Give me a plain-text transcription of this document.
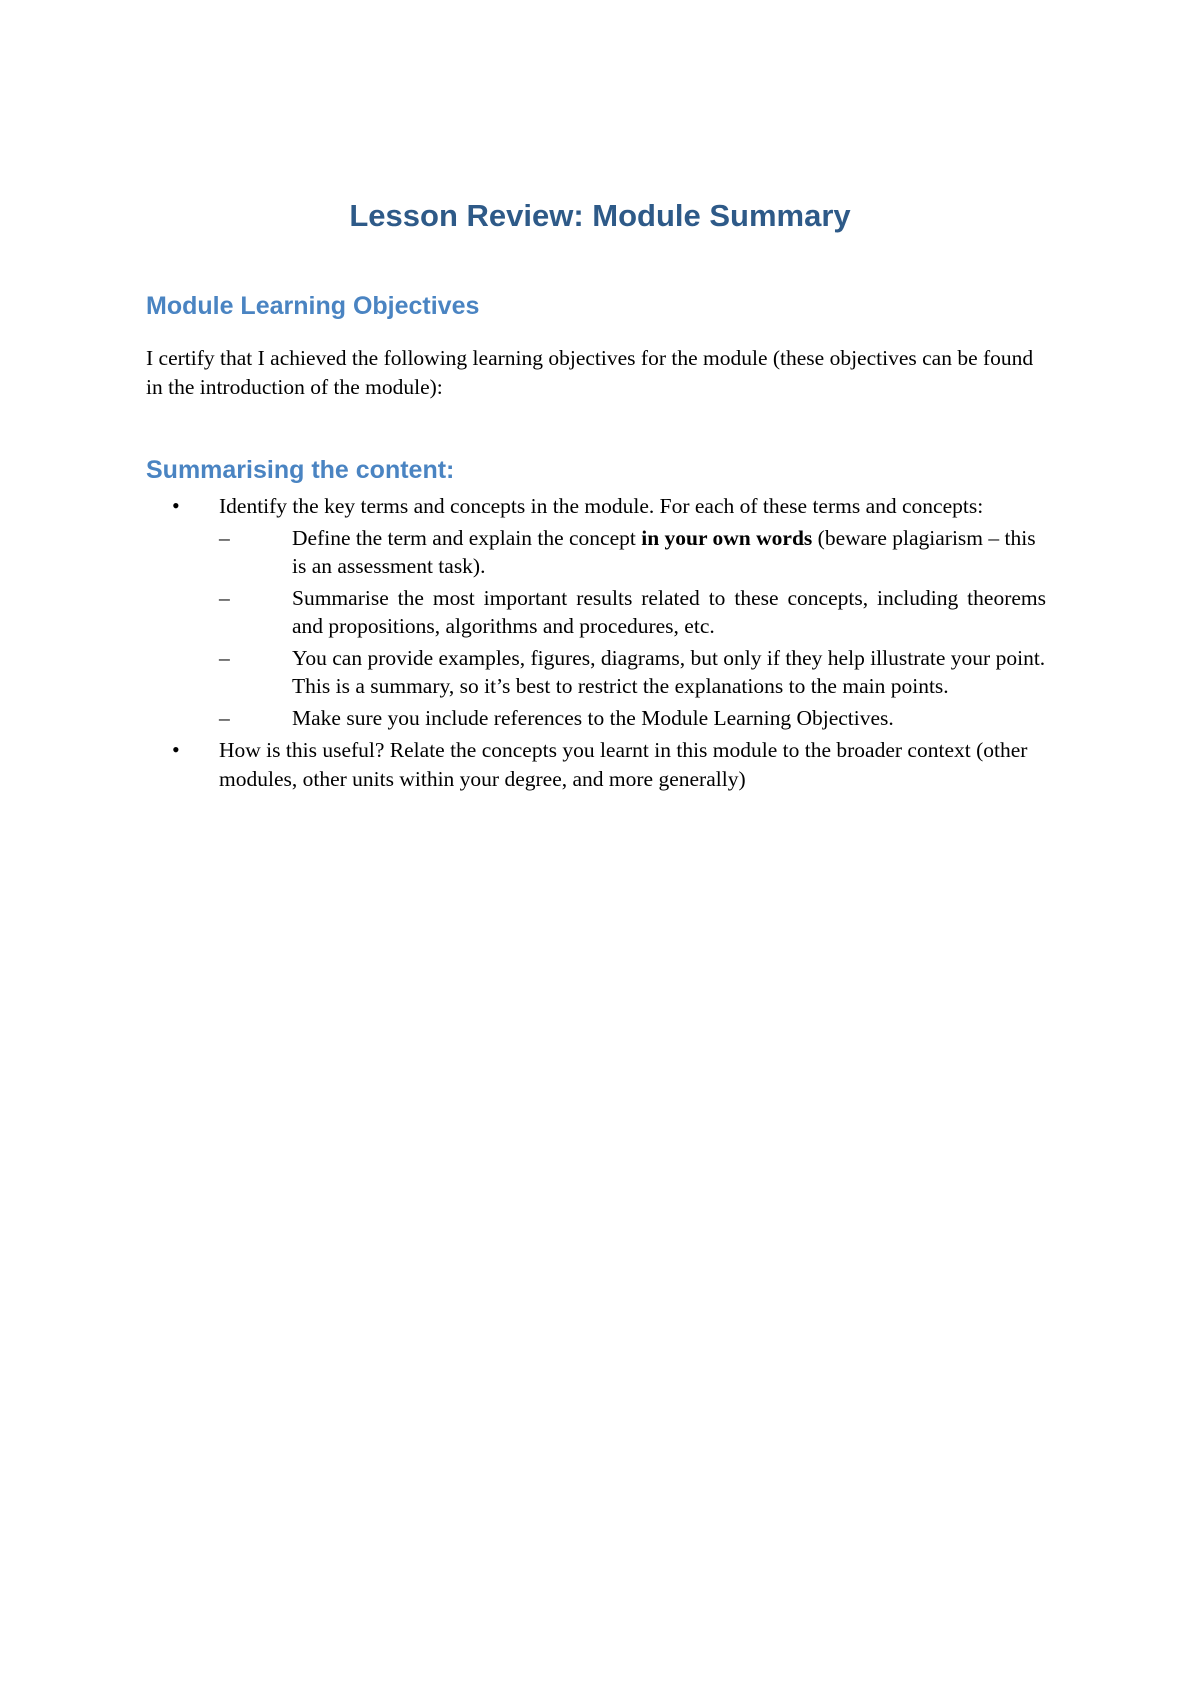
Lesson Review: Module Summary
Module Learning Objectives

I certify that I achieved the following learning objectives for the module (these objectives can be found in the introduction of the module):

Summarising the content:
• Identify the key terms and concepts in the module. For each of these terms and concepts:
–	Define the term and explain the concept in your own words (beware plagiarism – this is an assessment task).
–	Summarise the most important results related to these concepts, including theorems and propositions, algorithms and procedures, etc.
–	You can provide examples, figures, diagrams, but only if they help illustrate your point. This is a summary, so it’s best to restrict the explanations to the main points.
–	Make sure you include references to the Module Learning Objectives.
• How is this useful? Relate the concepts you learnt in this module to the broader context (other modules, other units within your degree, and more generally)
